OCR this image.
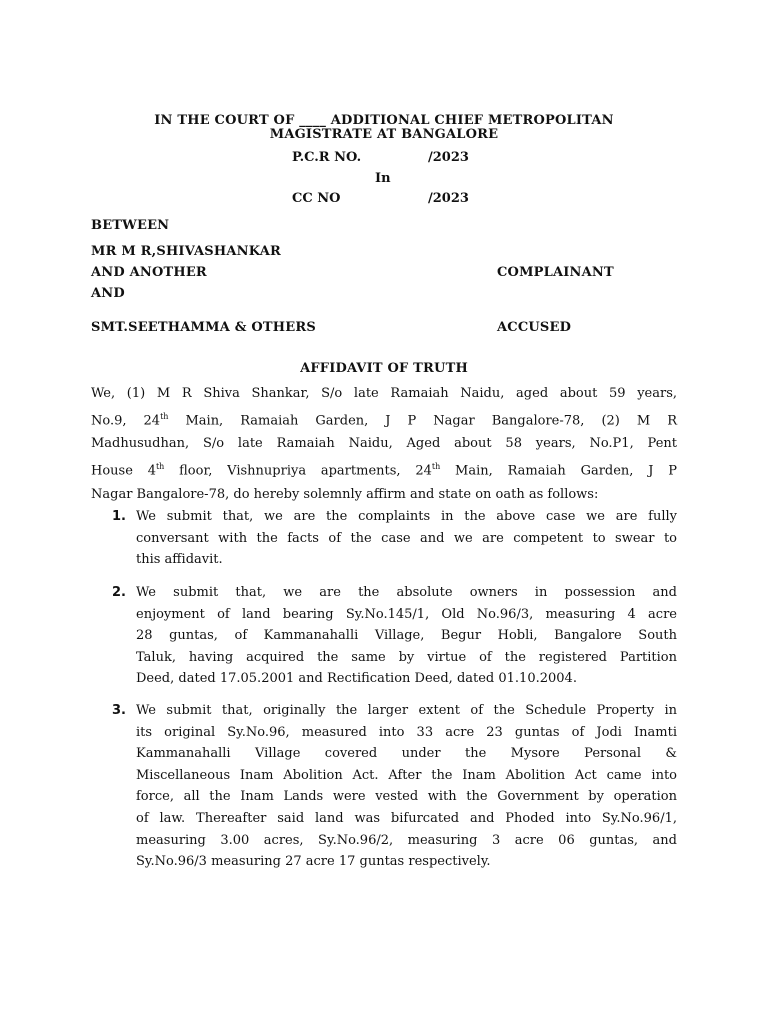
IN THE COURT OF ____ ADDITIONAL CHIEF METROPOLITAN
MAGISTRATE AT BANGALORE
P.C.R NO.	/2023
In
CC NO	/2023
BETWEEN
MR M R,SHIVASHANKAR
AND ANOTHER	COMPLAINANT
AND
SMT.SEETHAMMA & OTHERS	ACCUSED
AFFIDAVIT OF TRUTH
We, (1) M R Shiva Shankar, S/o late Ramaiah Naidu, aged about 59 years,
No.9, 24th Main, Ramaiah Garden, J P Nagar Bangalore-78, (2) M R
Madhusudhan, S/o late Ramaiah Naidu, Aged about 58 years, No.P1, Pent
House 4th floor, Vishnupriya apartments, 24th Main, Ramaiah Garden, J P
Nagar Bangalore-78, do hereby solemnly affirm and state on oath as follows:
1. We submit that, we are the complaints in the above case we are fully
conversant with the facts of the case and we are competent to swear to
this affidavit.
2. We submit that, we are the absolute owners in possession and
enjoyment of land bearing Sy.No.145/1, Old No.96/3, measuring 4 acre
28 guntas, of Kammanahalli Village, Begur Hobli, Bangalore South
Taluk, having acquired the same by virtue of the registered Partition
Deed, dated 17.05.2001 and Rectification Deed, dated 01.10.2004.
3. We submit that, originally the larger extent of the Schedule Property in
its original Sy.No.96, measured into 33 acre 23 guntas of Jodi Inamti
Kammanahalli Village covered under the Mysore Personal &
Miscellaneous Inam Abolition Act. After the Inam Abolition Act came into
force, all the Inam Lands were vested with the Government by operation
of law. Thereafter said land was bifurcated and Phoded into Sy.No.96/1,
measuring 3.00 acres, Sy.No.96/2, measuring 3 acre 06 guntas, and
Sy.No.96/3 measuring 27 acre 17 guntas respectively.
